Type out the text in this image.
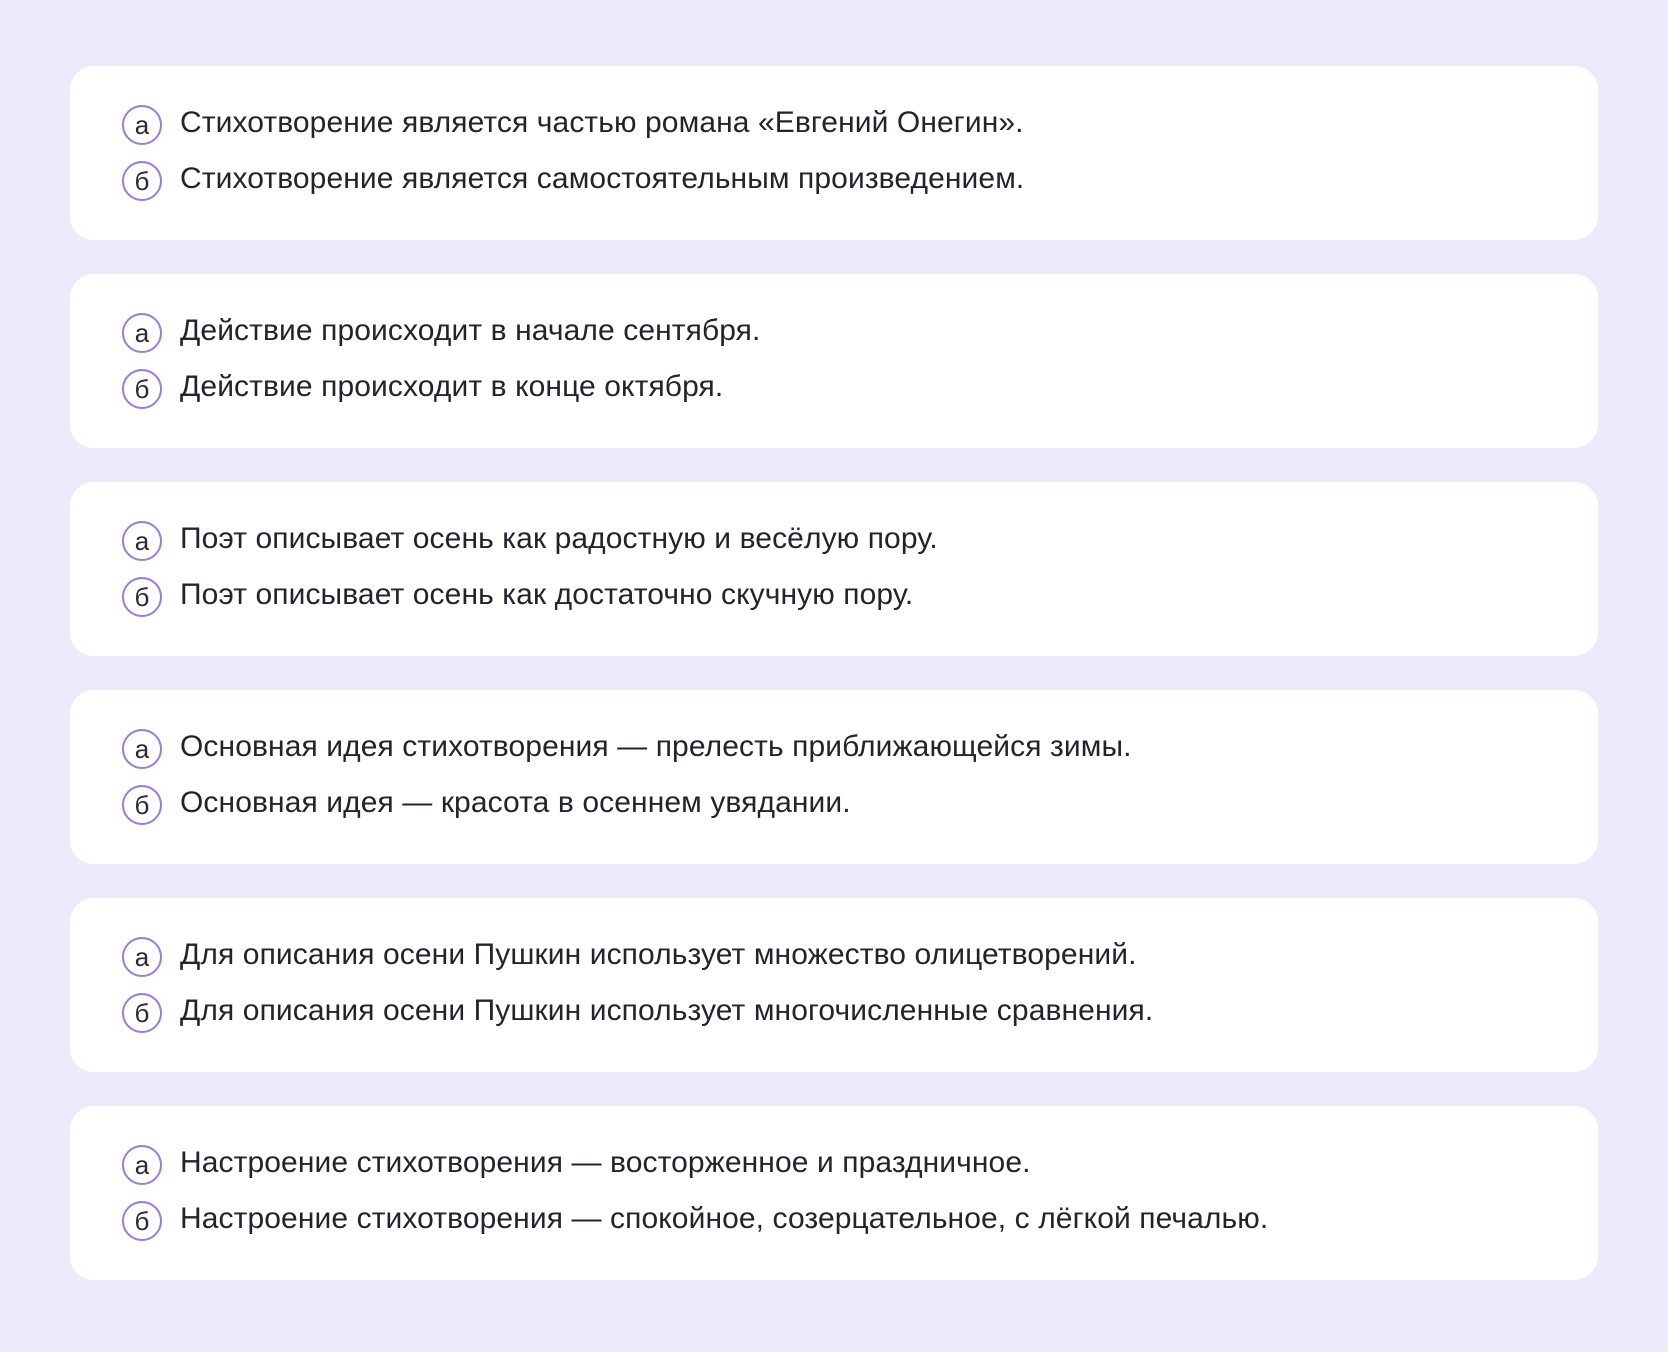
а	Стихотворение является частью романа «Евгений Онегин».
б	Стихотворение является самостоятельным произведением.
а	Действие происходит в начале сентября.
б	Действие происходит в конце октября.
а	Поэт описывает осень как радостную и весёлую пору.
б	Поэт описывает осень как достаточно скучную пору.
а	Основная идея стихотворения — прелесть приближающейся зимы.
б	Основная идея — красота в осеннем увядании.
а	Для описания осени Пушкин использует множество олицетворений.
б	Для описания осени Пушкин использует многочисленные сравнения.
а	Настроение стихотворения — восторженное и праздничное.
б	Настроение стихотворения — спокойное, созерцательное, с лёгкой печалью.
